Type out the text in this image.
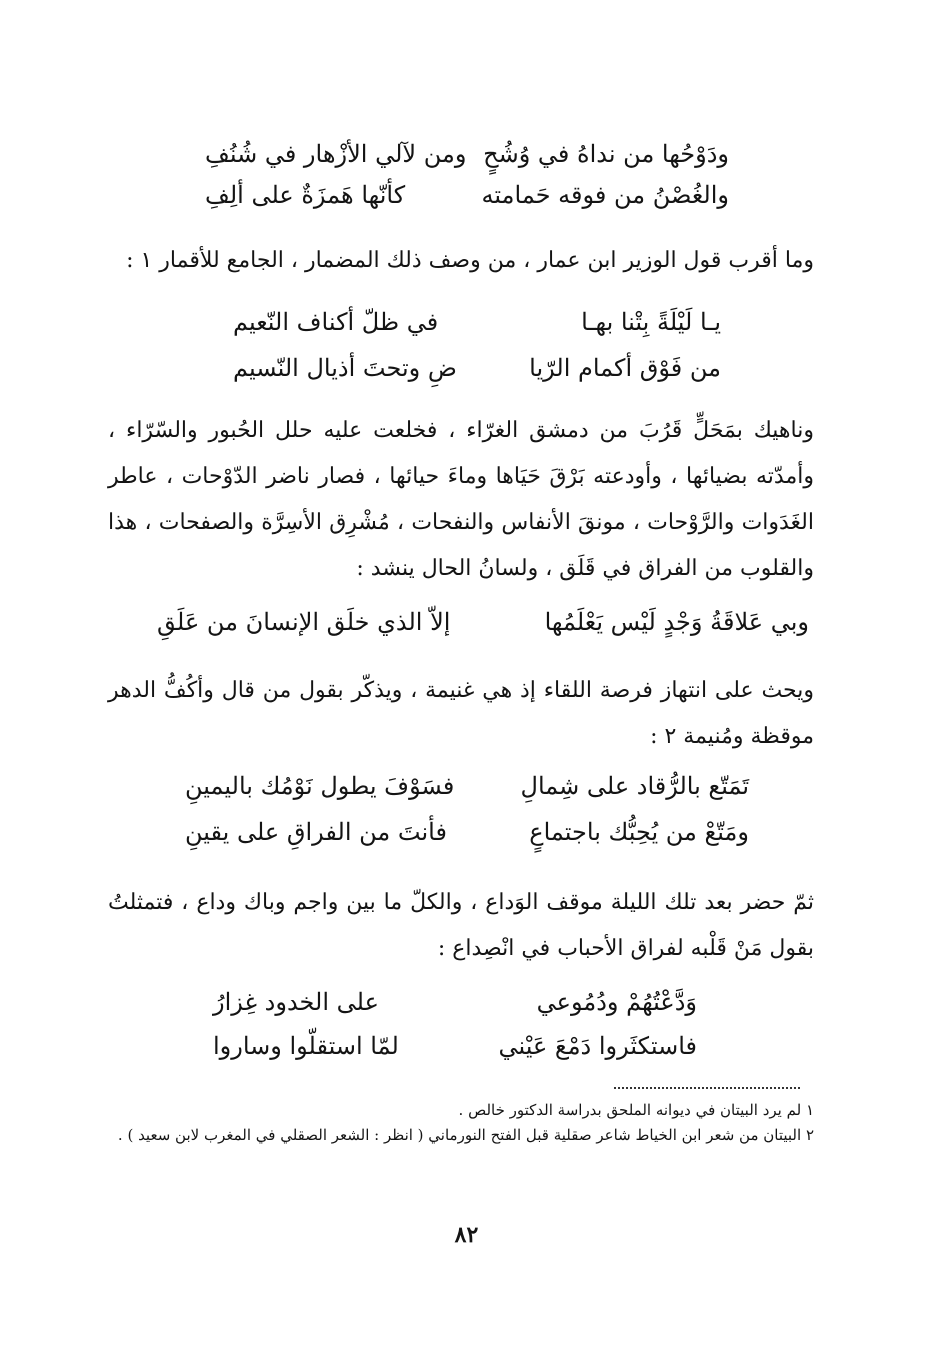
ودَوْحُها من نداهُ في وُشُحٍ
ومن لآلي الأزْهار في شُنُفِ
والغُصْنُ من فوقه حَمامته
كأنّها هَمزَةٌ على ألِفِ

وما أقرب قول الوزير ابن عمار ، من وصف ذلك المضمار ، الجامع للأقمار ١ :

يـا لَيْلَةً بِتْنا بهـا
في ظلّ أكناف النّعيم
من فَوْق أكمام الرّيا
ضِ وتحتَ أذيال النّسيم

وناهيك بمَحَلٍّ قَرُبَ من دمشق الغرّاء ، فخلعت عليه حلل الحُبور والسّرّاء ، وأمدّته بضيائها ، وأودعته بَرْقَ حَيَاها وماءَ حيائها ، فصار ناضر الدّوْحات ، عاطر الغَدَوات والرَّوْحات ، مونقَ الأنفاس والنفحات ، مُشْرِق الأسِرَّة والصفحات ، هذا والقلوب من الفراق في قَلَق ، ولسانُ الحال ينشد :

وبي عَلاقَةُ وَجْدٍ لَيْس يَعْلَمُها
إلاّ الذي خلَق الإنسانَ من عَلَقِ

ويحث على انتهاز فرصة اللقاء إذ هي غنيمة ، ويذكّر بقول من قال وأكُفُّ الدهر موقظة ومُنيمة ٢ :

تَمَتّع بالرُّقاد على شِمالِ
فسَوْفَ يطول نَوْمُك باليمينِ
ومَتّعْ من يُحِبُّك باجتماعٍ
فأنتَ من الفراقِ على يقينِ

ثمّ حضر بعد تلك الليلة موقف الوَداع ، والكلّ ما بين واجم وباك وداع ، فتمثلتُ بقول مَنْ قَلْبه لفراق الأحباب في انْصِداع :

وَدَّعْتُهُمْ ودُمُوعي
على الخدود غِزارُ
فاستكثَروا دَمْعَ عَيْني
لمّا استقلّوا وساروا

١ لم يرد البيتان في ديوانه الملحق بدراسة الدكتور خالص .

٢ البيتان من شعر ابن الخياط شاعر صقلية قبل الفتح النورماني ( انظر : الشعر الصقلي في المغرب لابن سعيد ) .

٨٢
